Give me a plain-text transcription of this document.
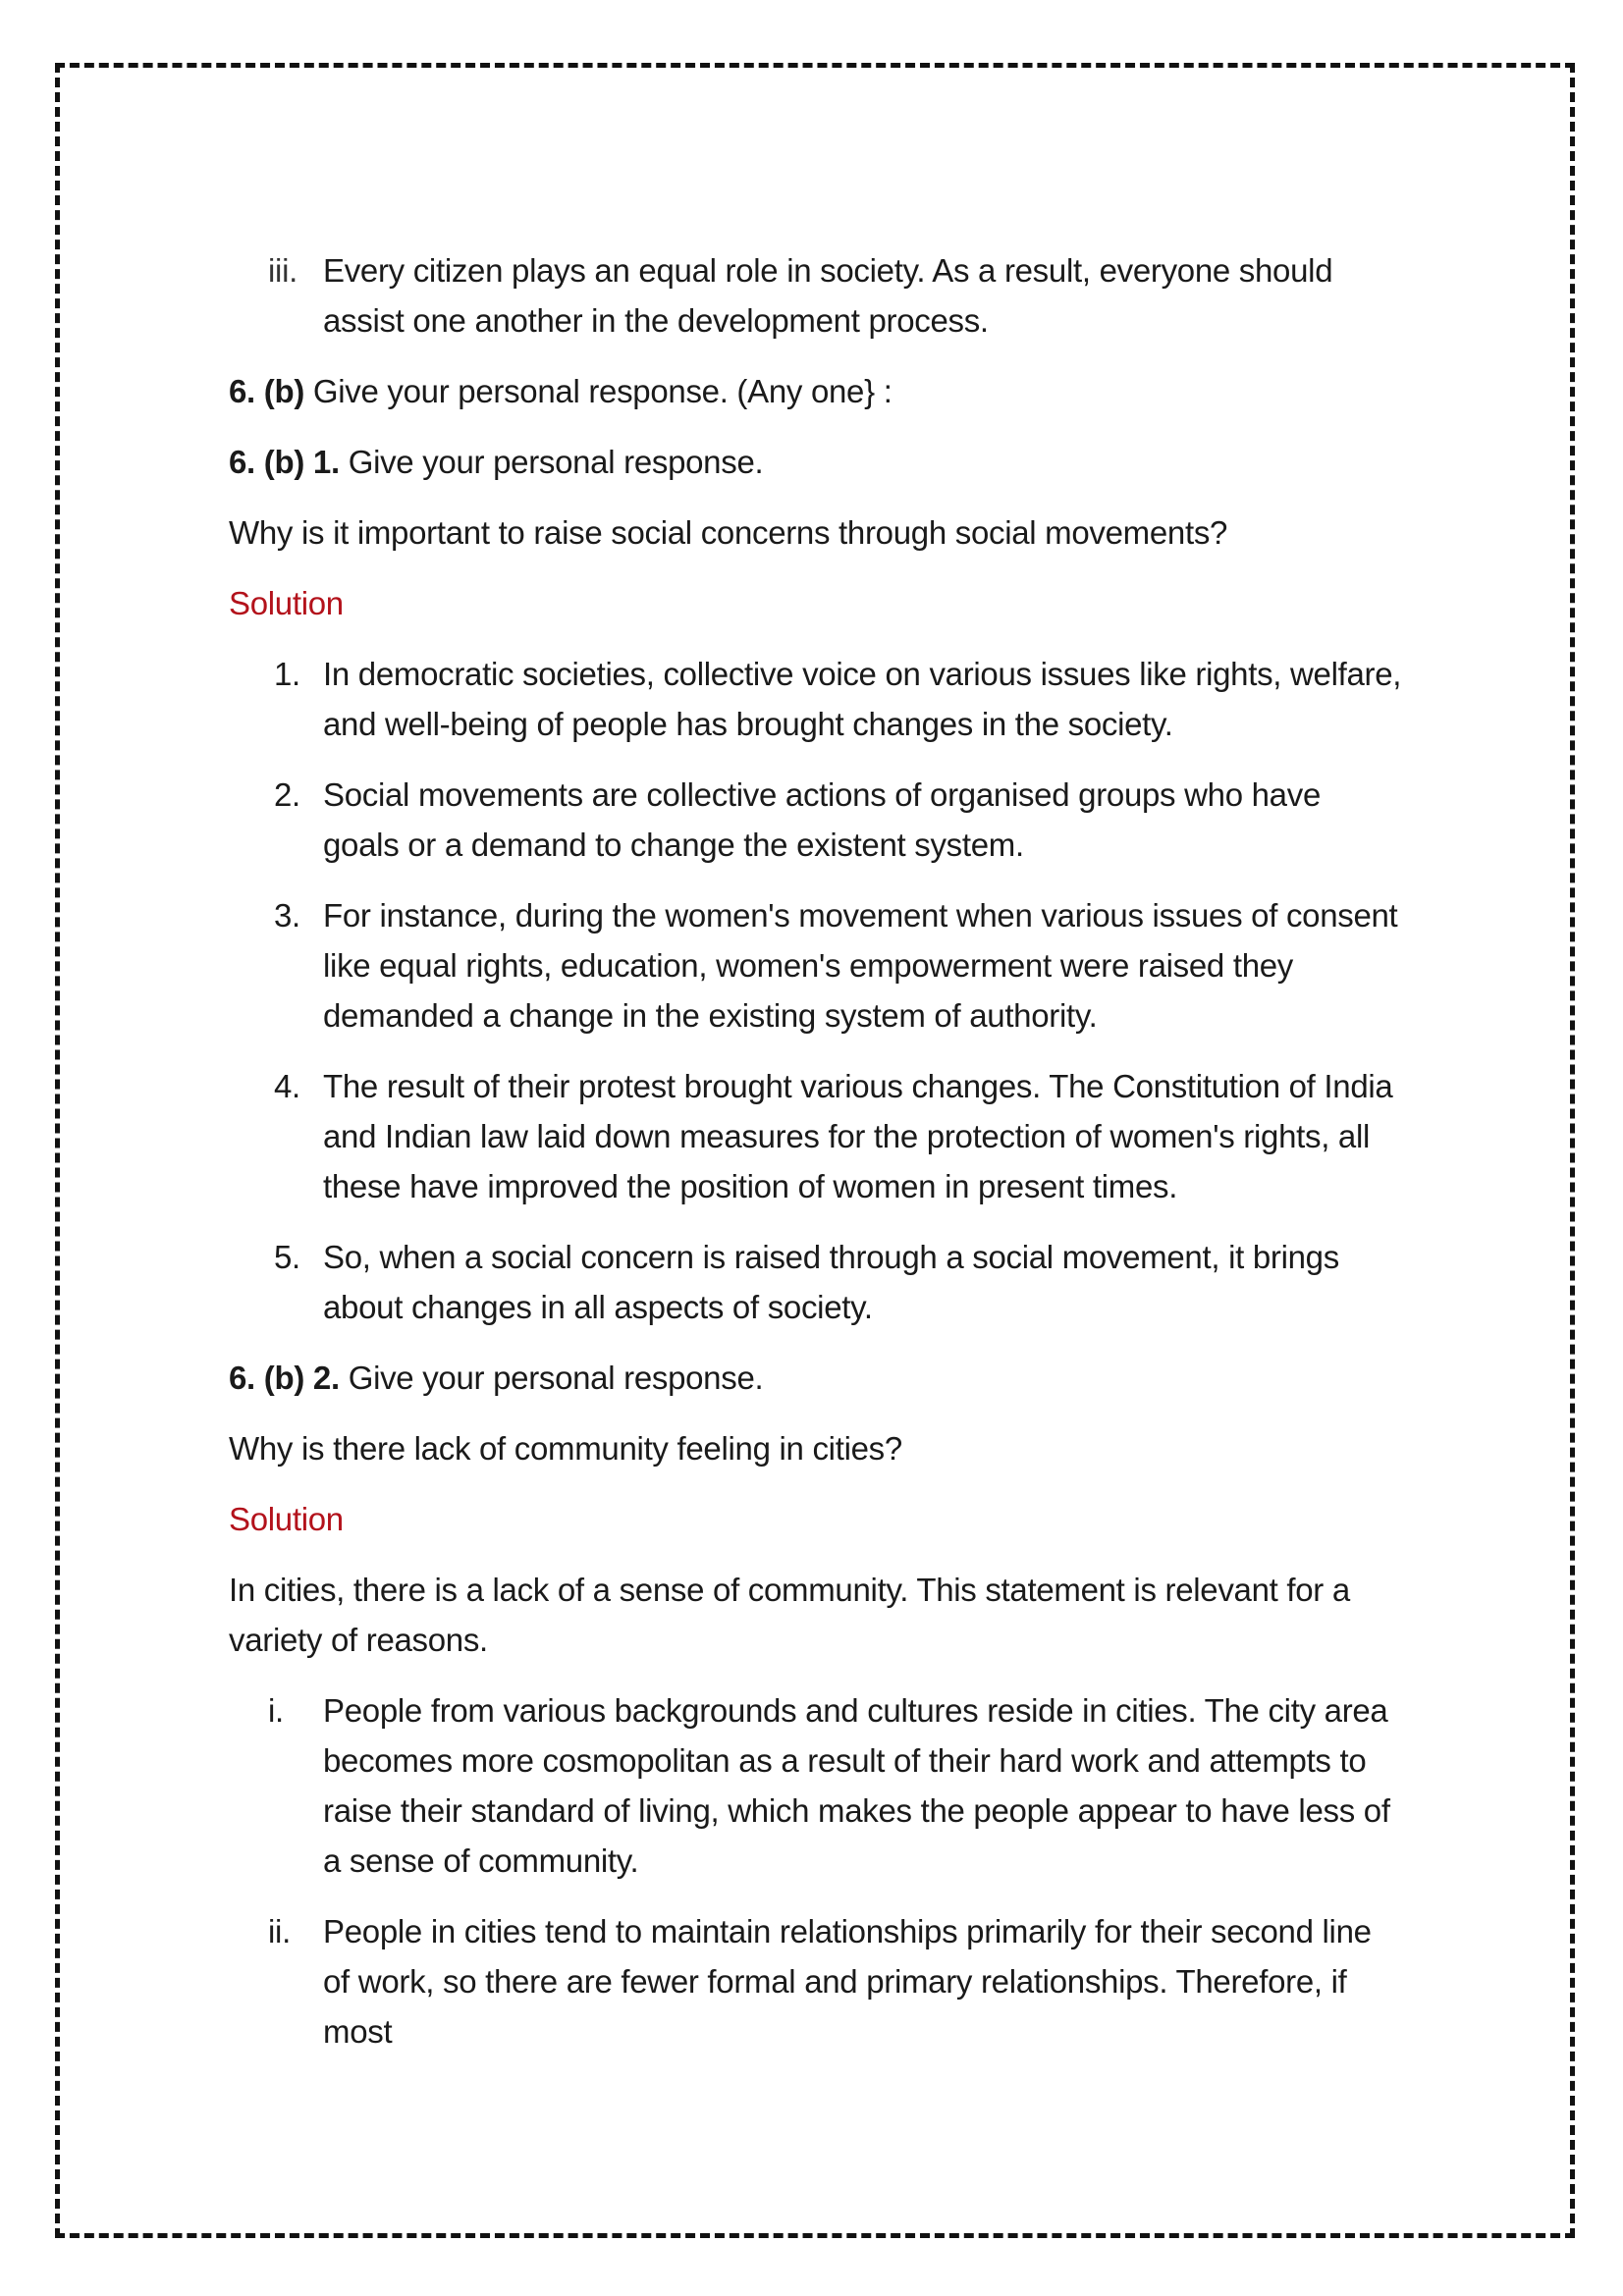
iii. Every citizen plays an equal role in society. As a result, everyone should assist one another in the development process.

6. (b) Give your personal response. (Any one} :

6. (b) 1. Give your personal response.

Why is it important to raise social concerns through social movements?

Solution

1. In democratic societies, collective voice on various issues like rights, welfare, and well-being of people has brought changes in the society.
2. Social movements are collective actions of organised groups who have goals or a demand to change the existent system.
3. For instance, during the women's movement when various issues of consent like equal rights, education, women's empowerment were raised they demanded a change in the existing system of authority.
4. The result of their protest brought various changes. The Constitution of India and Indian law laid down measures for the protection of women's rights, all these have improved the position of women in present times.
5. So, when a social concern is raised through a social movement, it brings about changes in all aspects of society.

6. (b) 2. Give your personal response.

Why is there lack of community feeling in cities?

Solution

In cities, there is a lack of a sense of community. This statement is relevant for a variety of reasons.

i.	People from various backgrounds and cultures reside in cities. The city area becomes more cosmopolitan as a result of their hard work and attempts to raise their standard of living, which makes the people appear to have less of a sense of community.
ii.	People in cities tend to maintain relationships primarily for their second line of work, so there are fewer formal and primary relationships. Therefore, if most
